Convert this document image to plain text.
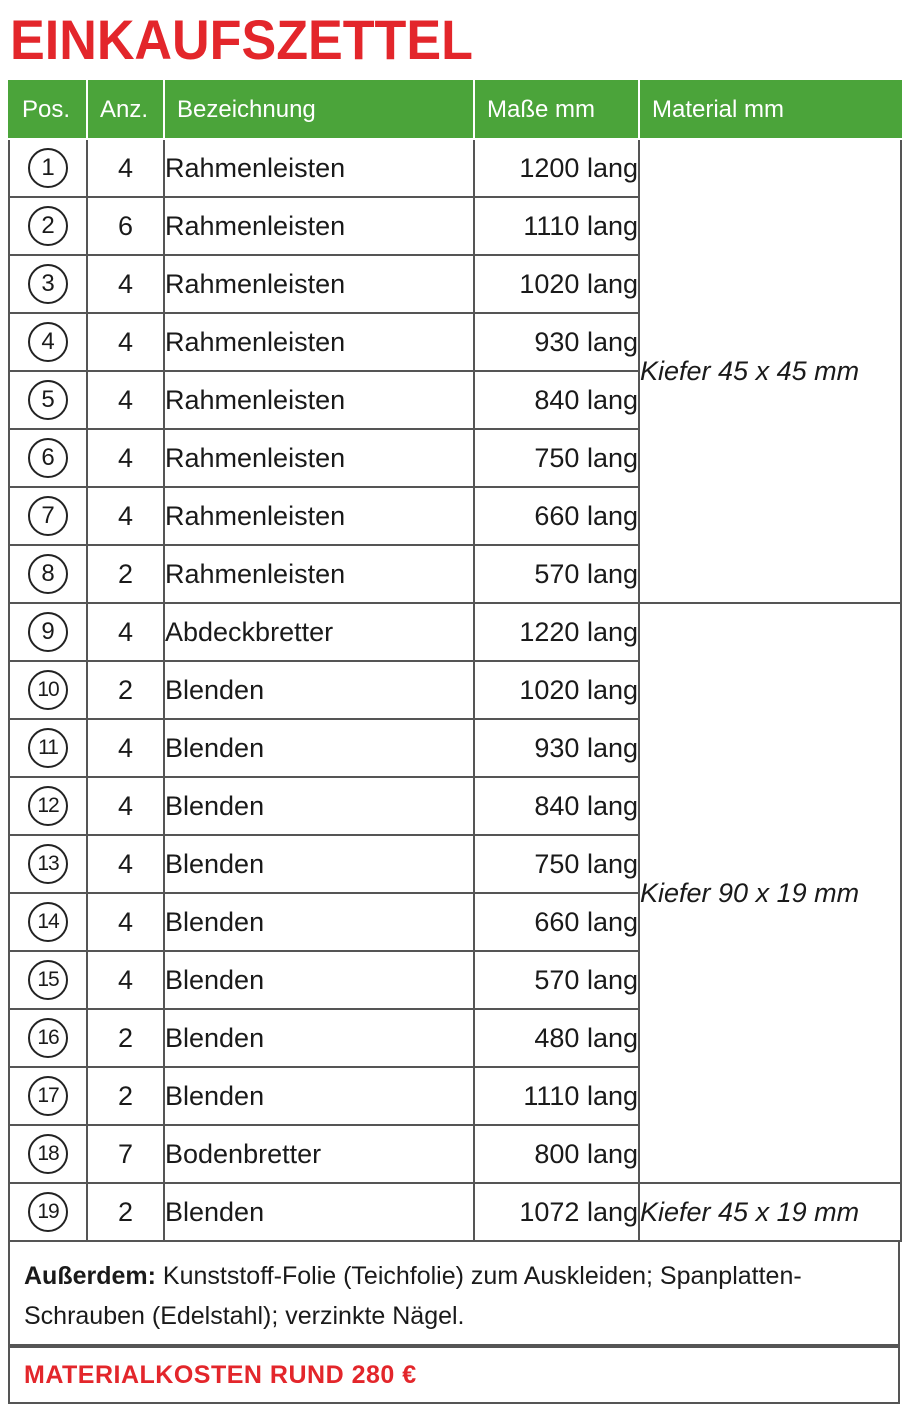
EINKAUFSZETTEL
Pos.	Anz.	Bezeichnung	Maße mm	Material mm
1	4	Rahmenleisten	1200 lang	Kiefer 45 x 45 mm
2	6	Rahmenleisten	1110 lang	
3	4	Rahmenleisten	1020 lang	
4	4	Rahmenleisten	930 lang	
5	4	Rahmenleisten	840 lang	
6	4	Rahmenleisten	750 lang	
7	4	Rahmenleisten	660 lang	
8	2	Rahmenleisten	570 lang	
9	4	Abdeckbretter	1220 lang	Kiefer 90 x 19 mm
10	2	Blenden	1020 lang	
11	4	Blenden	930 lang	
12	4	Blenden	840 lang	
13	4	Blenden	750 lang	
14	4	Blenden	660 lang	
15	4	Blenden	570 lang	
16	2	Blenden	480 lang	
17	2	Blenden	1110 lang	
18	7	Bodenbretter	800 lang	
19	2	Blenden	1072 lang	Kiefer 45 x 19 mm
Außerdem: Kunststoff-Folie (Teichfolie) zum Auskleiden; Spanplatten-Schrauben (Edelstahl); verzinkte Nägel.
MATERIALKOSTEN RUND 280 €
